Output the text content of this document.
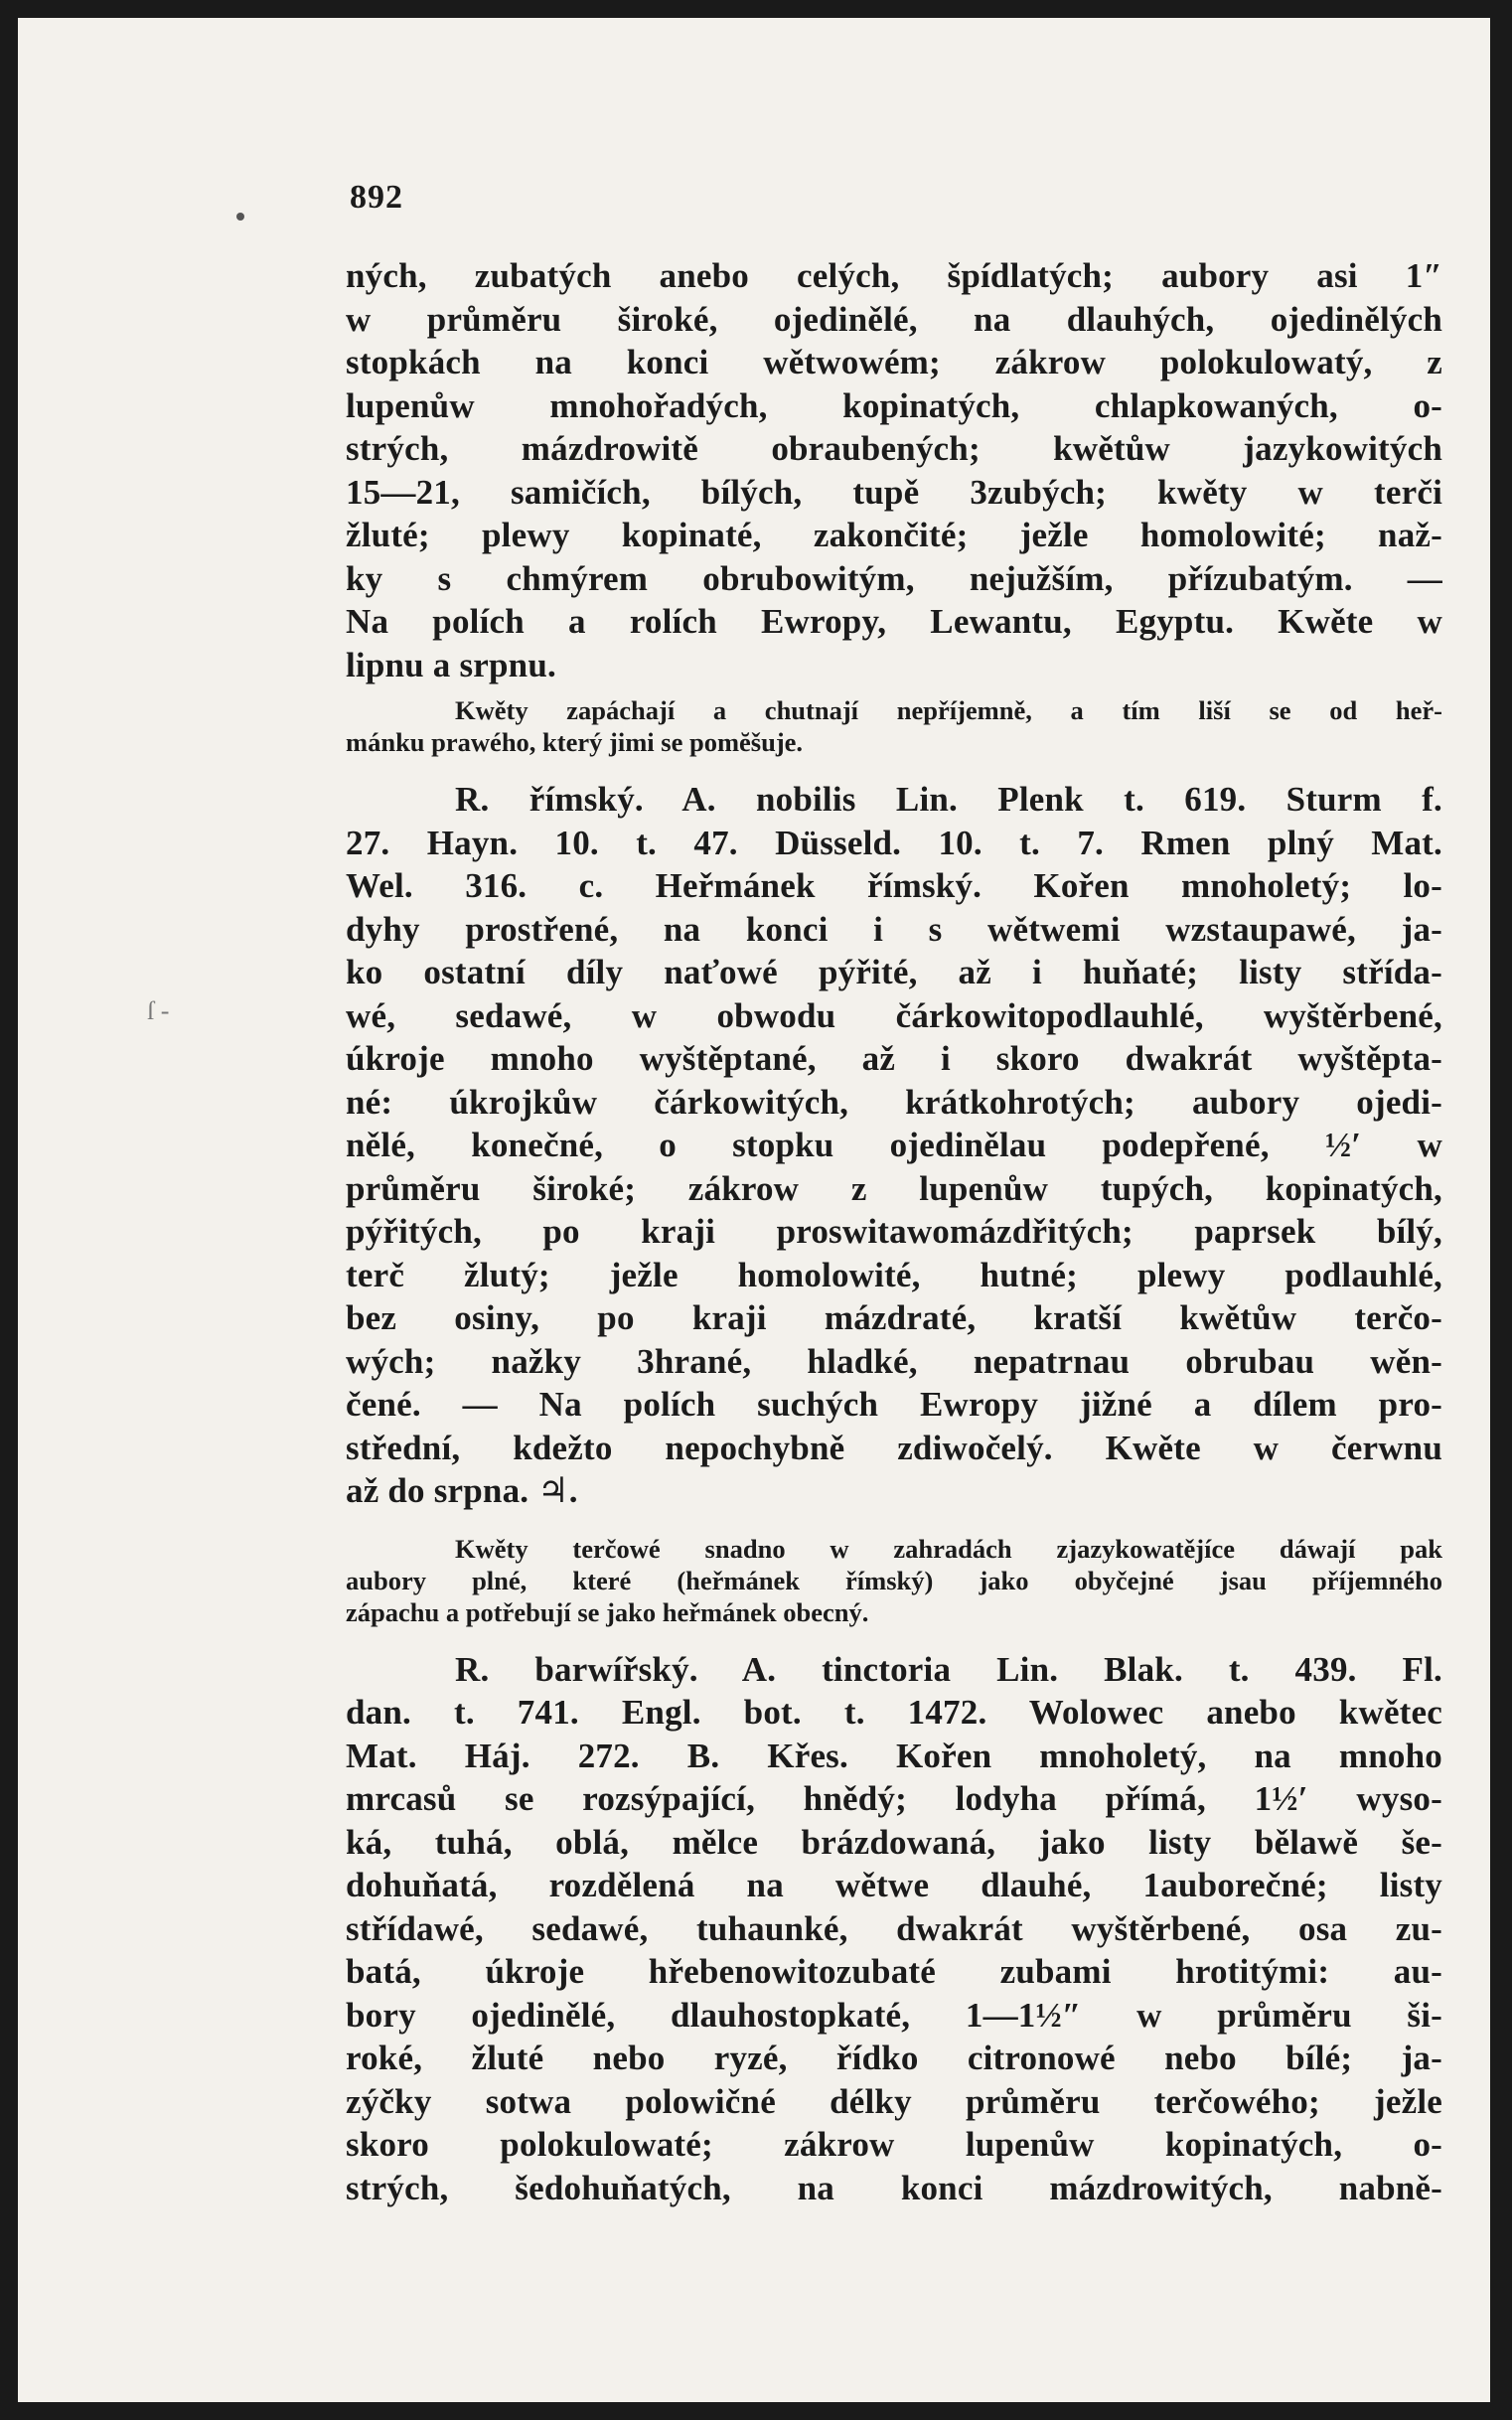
892
ſ -
ných, zubatých anebo celých, špídlatých; aubory asi 1″
w průměru široké, ojedinělé, na dlauhých, ojedinělých
stopkách na konci wětwowém; zákrow polokulowatý, z
lupenůw mnohořadých, kopinatých, chlapkowaných, o-
strých, mázdrowitě obraubených; kwětůw jazykowitých
15—21, samičích, bílých, tupě 3zubých; kwěty w terči
žluté; plewy kopinaté, zakončité; ježle homolowité; naž-
ky s chmýrem obrubowitým, nejužším, přízubatým. —
Na polích a rolích Ewropy, Lewantu, Egyptu. Kwěte w
lipnu a srpnu.
Kwěty zapáchají a chutnají nepříjemně, a tím liší se od heř-
mánku prawého, který jimi se pomĕšuje.
R. římský. A. nobilis Lin. Plenk t. 619. Sturm f.
27. Hayn. 10. t. 47. Düsseld. 10. t. 7. Rmen plný Mat.
Wel. 316. c. Heřmánek římský. Kořen mnoholetý; lo-
dyhy prostřené, na konci i s wětwemi wzstaupawé, ja-
ko ostatní díly naťowé pýřité, až i huňaté; listy střída-
wé, sedawé, w obwodu čárkowitopodlauhlé, wyštěrbené,
úkroje mnoho wyštěptané, až i skoro dwakrát wyštěpta-
né: úkrojkůw čárkowitých, krátkohrotých; aubory ojedi-
nělé, konečné, o stopku ojedinělau podepřené, ½′ w
průměru široké; zákrow z lupenůw tupých, kopinatých,
pýřitých, po kraji proswitawomázdřitých; paprsek bílý,
terč žlutý; ježle homolowité, hutné; plewy podlauhlé,
bez osiny, po kraji mázdraté, kratší kwětůw terčo-
wých; nažky 3hrané, hladké, nepatrnau obrubau wěn-
čené. — Na polích suchých Ewropy jižné a dílem pro-
střední, kdežto nepochybně zdiwočelý. Kwěte w čerwnu
až do srpna. ♃.
Kwěty terčowé snadno w zahradách zjazykowatějíce dáwají pak
aubory plné, které (heřmánek římský) jako obyčejné jsau příjemného
zápachu a potřebují se jako heřmánek obecný.
R. barwířský. A. tinctoria Lin. Blak. t. 439. Fl.
dan. t. 741. Engl. bot. t. 1472. Wolowec anebo kwětec
Mat. Háj. 272. B. Křes. Kořen mnoholetý, na mnoho
mrcasů se rozsýpající, hnědý; lodyha přímá, 1½′ wyso-
ká, tuhá, oblá, mělce brázdowaná, jako listy bělawě še-
dohuňatá, rozdělená na wětwe dlauhé, 1auborečné; listy
střídawé, sedawé, tuhaunké, dwakrát wyštěrbené, osa zu-
batá, úkroje hřebenowitozubaté zubami hrotitými: au-
bory ojedinělé, dlauhostopkaté, 1—1½″ w průměru ši-
roké, žluté nebo ryzé, řídko citronowé nebo bílé; ja-
zýčky sotwa polowičné délky průměru terčowého; ježle
skoro polokulowaté; zákrow lupenůw kopinatých, o-
strých, šedohuňatých, na konci mázdrowitých, nabně-
